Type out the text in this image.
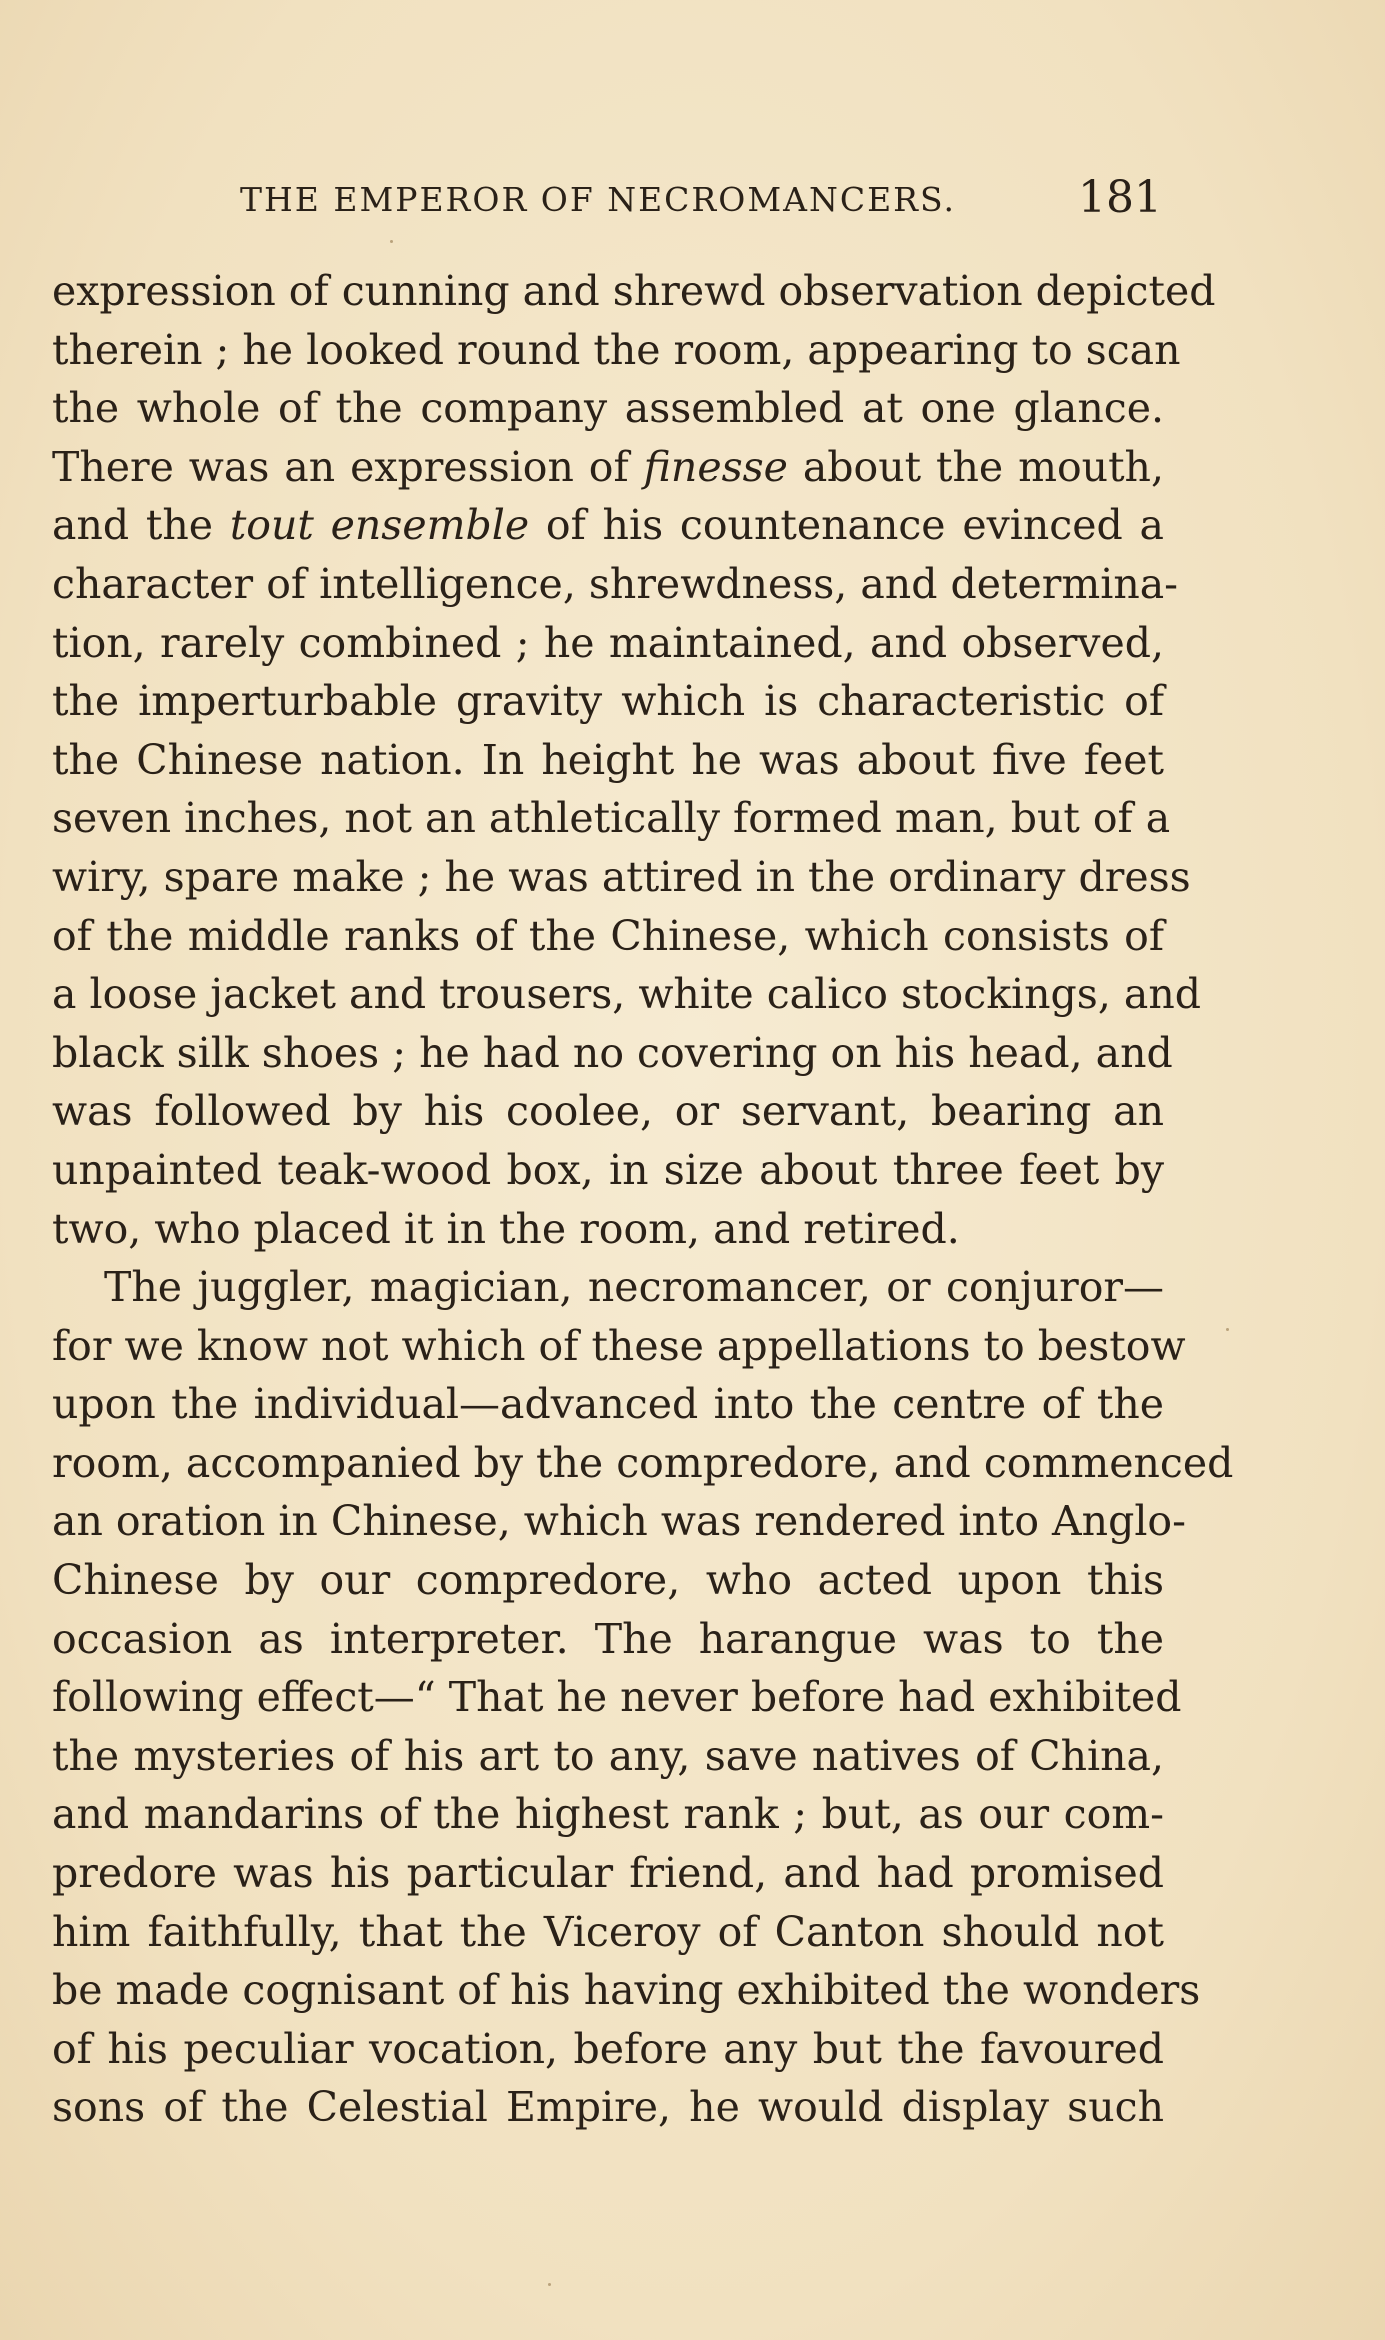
THE EMPEROR OF NECROMANCERS.	181
expression of cunning and shrewd observation depicted
therein ; he looked round the room, appearing to scan
the whole of the company assembled at one glance.
There was an expression of finesse about the mouth,
and the tout ensemble of his countenance evinced a
character of intelligence, shrewdness, and determina-
tion, rarely combined ; he maintained, and observed,
the imperturbable gravity which is characteristic of
the Chinese nation. In height he was about five feet
seven inches, not an athletically formed man, but of a
wiry, spare make ; he was attired in the ordinary dress
of the middle ranks of the Chinese, which consists of
a loose jacket and trousers, white calico stockings, and
black silk shoes ; he had no covering on his head, and
was followed by his coolee, or servant, bearing an
unpainted teak-wood box, in size about three feet by
two, who placed it in the room, and retired.
The juggler, magician, necromancer, or conjuror—
for we know not which of these appellations to bestow
upon the individual—advanced into the centre of the
room, accompanied by the compredore, and commenced
an oration in Chinese, which was rendered into Anglo-
Chinese by our compredore, who acted upon this
occasion as interpreter. The harangue was to the
following effect—“ That he never before had exhibited
the mysteries of his art to any, save natives of China,
and mandarins of the highest rank ; but, as our com-
predore was his particular friend, and had promised
him faithfully, that the Viceroy of Canton should not
be made cognisant of his having exhibited the wonders
of his peculiar vocation, before any but the favoured
sons of the Celestial Empire, he would display such
